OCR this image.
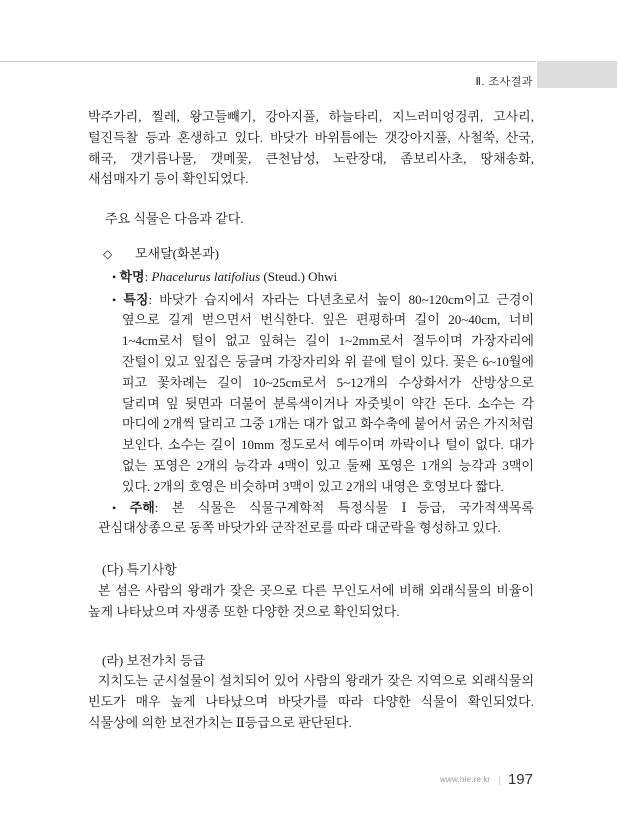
Ⅱ. 조사결과

박주가리, 찔레, 왕고들빼기, 강아지풀, 하늘타리, 지느러미엉겅퀴, 고사리, 털진득찰 등과 혼생하고 있다. 바닷가 바위틈에는 갯강아지풀, 사철쑥, 산국, 해국, 갯기름나물, 갯메꽃, 큰천남성, 노란장대, 좀보리사초, 땅채송화, 새섬매자기 등이 확인되었다.

주요 식물은 다음과 같다.

◇ 모새달(화본과)

• 학명: Phacelurus latifolius (Steud.) Ohwi

• 특징: 바닷가 습지에서 자라는 다년초로서 높이 80~120cm이고 근경이 옆으로 길게 벋으면서 번식한다. 잎은 편평하며 길이 20~40cm, 너비 1~4cm로서 털이 없고 잎혀는 길이 1~2mm로서 절두이며 가장자리에 잔털이 있고 잎집은 둥글며 가장자리와 위 끝에 털이 있다. 꽃은 6~10월에 피고 꽃차례는 길이 10~25cm로서 5~12개의 수상화서가 산방상으로 달리며 잎 뒷면과 더불어 분록색이거나 자줏빛이 약간 돈다. 소수는 각 마디에 2개씩 달리고 그중 1개는 대가 없고 화수축에 붙어서 굵은 가지처럼 보인다. 소수는 길이 10mm 정도로서 예두이며 까락이나 털이 없다. 대가 없는 포영은 2개의 능각과 4맥이 있고 둘째 포영은 1개의 능각과 3맥이 있다. 2개의 호영은 비슷하며 3맥이 있고 2개의 내영은 호영보다 짧다.

• 주해: 본 식물은 식물구계학적 특정식물 Ⅰ등급, 국가적색목록 관심대상종으로 동쪽 바닷가와 군작전로를 따라 대군락을 형성하고 있다.

(다) 특기사항

본 섬은 사람의 왕래가 잦은 곳으로 다른 무인도서에 비해 외래식물의 비율이 높게 나타났으며 자생종 또한 다양한 것으로 확인되었다.

(라) 보전가치 등급

지치도는 군시설물이 설치되어 있어 사람의 왕래가 잦은 지역으로 외래식물의 빈도가 매우 높게 나타났으며 바닷가를 따라 다양한 식물이 확인되었다. 식물상에 의한 보전가치는 Ⅱ등급으로 판단된다.

www.nie.re.kr | 197
